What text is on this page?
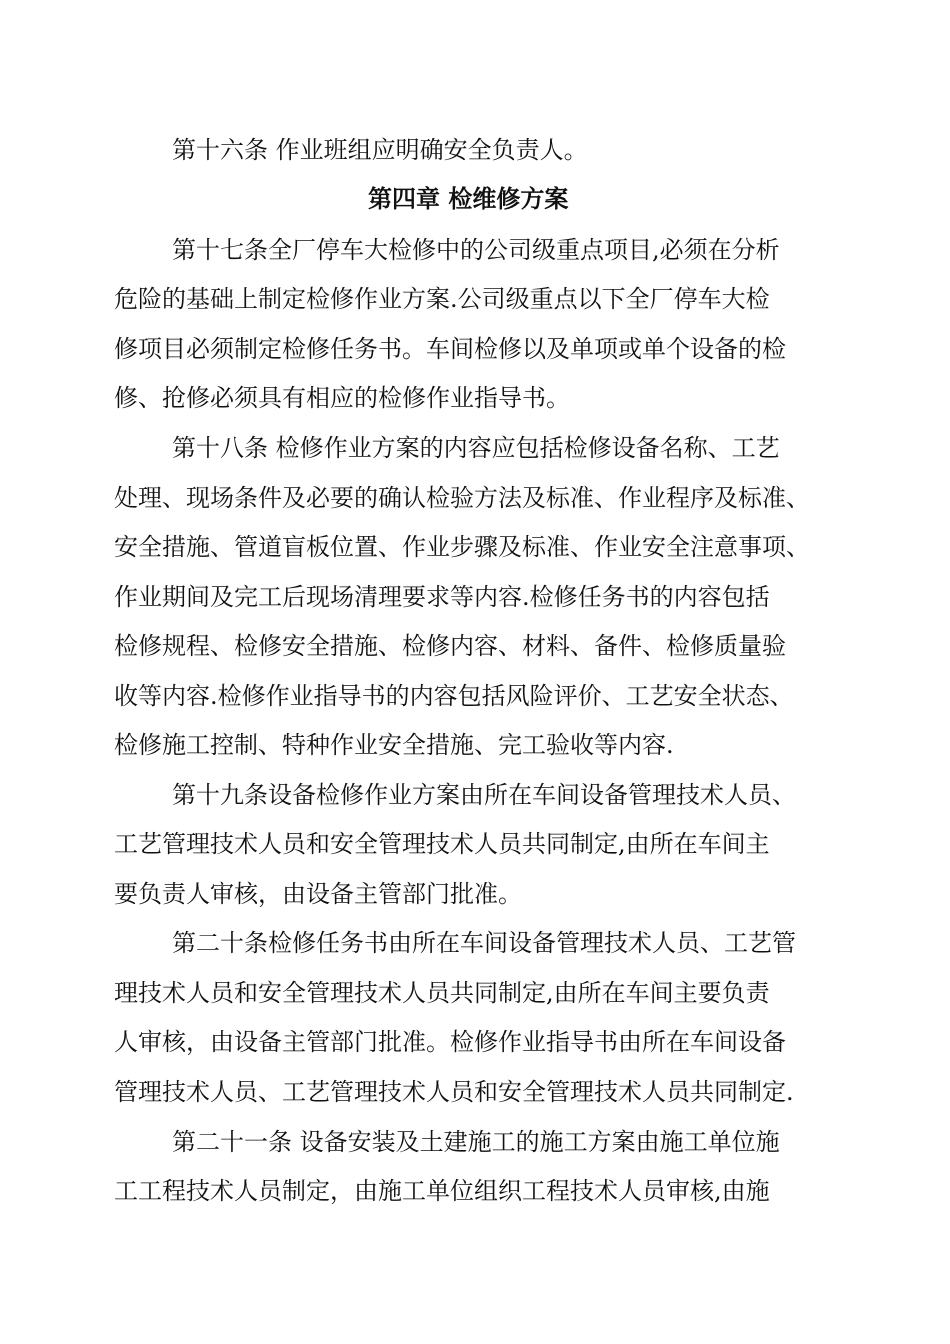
第十六条 作业班组应明确安全负责人。
第四章 检维修方案
第十七条全厂停车大检修中的公司级重点项目,必须在分析
危险的基础上制定检修作业方案.公司级重点以下全厂停车大检
修项目必须制定检修任务书。车间检修以及单项或单个设备的检
修、抢修必须具有相应的检修作业指导书。
第十八条 检修作业方案的内容应包括检修设备名称、工艺
处理、现场条件及必要的确认检验方法及标准、作业程序及标准、
安全措施、管道盲板位置、作业步骤及标准、作业安全注意事项、
作业期间及完工后现场清理要求等内容.检修任务书的内容包括
检修规程、检修安全措施、检修内容、材料、备件、检修质量验
收等内容.检修作业指导书的内容包括风险评价、工艺安全状态、
检修施工控制、特种作业安全措施、完工验收等内容.
第十九条设备检修作业方案由所在车间设备管理技术人员、
工艺管理技术人员和安全管理技术人员共同制定,由所在车间主
要负责人审核，由设备主管部门批准。
第二十条检修任务书由所在车间设备管理技术人员、工艺管
理技术人员和安全管理技术人员共同制定,由所在车间主要负责
人审核，由设备主管部门批准。检修作业指导书由所在车间设备
管理技术人员、工艺管理技术人员和安全管理技术人员共同制定.
第二十一条 设备安装及土建施工的施工方案由施工单位施
工工程技术人员制定，由施工单位组织工程技术人员审核,由施
